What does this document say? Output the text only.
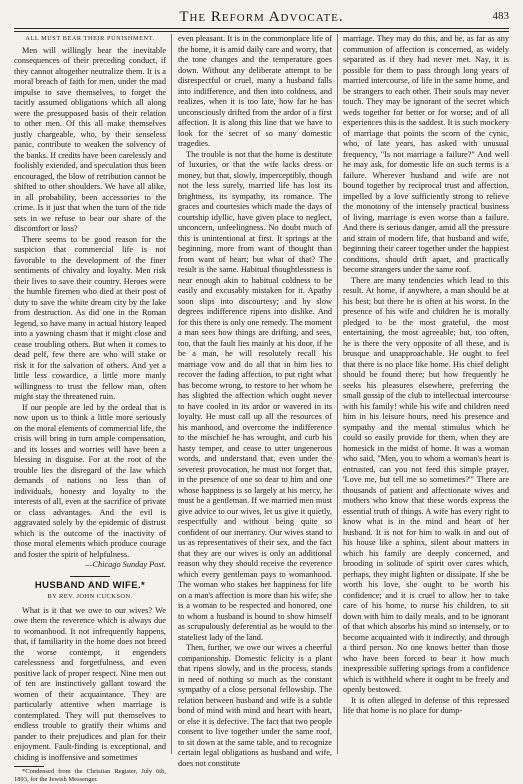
The Reform Advocate.	483
ALL MUST BEAR THEIR PUNISHMENT.

Men will willingly bear the inevitable consequences of their preceding conduct, if they cannot altogether neutralize them. It is a moral breach of faith for men, under the mad impulse to save themselves, to forget the tacitly assumed obligations which all along were the presupposed basis of their relation to other men. Of this all make themselves justly chargeable, who, by their senseless panic, contribute to weaken the solvency of the banks. If credits have been carelessly and foolishly extended, and speculation thus been encouraged, the blow of retribution cannot be shifted to other shoulders. We have all alike, in all probability, been accessories to the crime. Is it just that when the turn of the tide sets in we refuse to bear our share of the discomfort or loss?

There seems to be good reason for the suspicion that commercial life is not favorable to the development of the finer sentiments of chivalry and loyalty. Men risk their lives to save their country. Heroes were the humble firemen who died at their post of duty to save the white dream city by the lake from destruction. As did one in the Roman legend, so have many in actual history leaped into a yawning chasm that it might close and cease troubling others. But when it comes to dead pelf, few there are who will stake or risk it for the salvation of others. And yet a little less cowardice, a little more manly willingness to trust the fellow man, often might stay the threatened ruin.

If our people are led by the ordeal that is now upon us to think a little more seriously on the moral elements of commercial life, the crisis will bring in turn ample compensation, and its losses and worries will have been a blessing in disguise. For at the root of the trouble lies the disregard of the law which demands of nations no less than of individuals, honesty and loyalty to the interests of all, even at the sacrifice of private or class advantages. And the evil is aggravated solely by the epidemic of distrust which is the outcome of the inactivity of those moral elements which produce courage and foster the spirit of helpfulness.

—Chicago Sunday Post.

HUSBAND AND WIFE.*
BY REV. JOHN CUCKSON.

What is it that we owe to our wives? We owe them the reverence which is always due to womanhood. It not infrequently happens, that, if familiarity in the home does not breed the worse contempt, it engenders carelessness and forgetfulness, and even positive lack of proper respect. Nine men out of ten are instinctively gallant toward the women of their acquaintance. They are particularly attentive when marriage is contemplated. They will put themselves to endless trouble to gratify their whims and pander to their prejudices and plan for their enjoyment. Fault-finding is exceptional, and chiding is inoffensive and sometimes

*Condensed from the Christian Register, July 6th, 1893, for the Jewish Messenger.

even pleasant. It is in the commonplace life of the home, it is amid daily care and worry, that the tone changes and the temperature goes down. Without any deliberate attempt to be disrespectful or cruel, many a husband falls into indifference, and then into coldness, and realizes, when it is too late, how far he has unconsciously drifted from the ardor of a first affection. It is along this line that we have to look for the secret of so many domestic tragedies.

The trouble is not that the home is destitute of luxuries, or that the wife lacks dress or money, but that, slowly, imperceptibly, though not the less surely, married life has lost its brightness, its sympathy, its romance. The graces and courtesies which made the days of courtship idyllic, have given place to neglect, unconcern, unfeelingness. No doubt much of this is unintentional at first. It springs at the beginning, more from want of thought than from want of heart; but what of that? The result is the same. Habitual thoughtlessness is near enough akin to habitual coldness to be easily and excusably mistaken for it. Apathy soon slips into discourtesy; and by slow degrees indifference ripens into dislike. And for this there is only one remedy. The moment a man sees how things are drifting, and sees, too, that the fault lies mainly at his door, if he be a man, he will resolutely recall his marriage vow and do all that in him lies to recover the fading affection, to put right what has become wrong, to restore to her whom he has slighted the affection which ought never to have cooled in its ardor or wavered in its loyalty. He must call up all the resources of his manhood, and overcome the indifference to the mischief he has wrought, and curb his hasty temper, and cease to utter ungenerous words, and understand that, even under the severest provocation, he must not forget that, in the presence of one so dear to him and one whose happiness is so largely at his mercy, he must be a gentleman. If we married men must give advice to our wives, let us give it quietly, respectfully and without being quite so confident of our inerrancy. Our wives stand to us as representatives of their sex, and the fact that they are our wives is only an additional reason why they should receive the reverence which every gentleman pays to womanhood. The woman who stakes her happiness for life on a man's affection is more than his wife; she is a woman to be respected and honored, one to whom a husband is bound to show himself as scrupulously deferential as he would to the stateliest lady of the land.

Then, further, we owe our wives a cheerful companionship. Domestic felicity is a plant that ripens slowly, and in the process, stands in need of nothing so much as the constant sympathy of a close personal fellowship. The relation between husband and wife is a subtle bond of mind with mind and heart with heart, or else it is defective. The fact that two people consent to live together under the same roof, to sit down at the same table, and to recognize certain legal obligations as husband and wife, does not constitute

marriage. They may do this, and be, as far as any communion of affection is concerned, as widely separated as if they had never met. Nay, it is possible for them to pass through long years of married intercourse, of life in the same home, and be strangers to each other. Their souls may never touch. They may be ignorant of the secret which weds together for better or for worse; and of all experiences this is the saddest. It is such mockery of marriage that points the scorn of the cynic, who, of late years, has asked with unusual frequency, "Is not marriage a failure?" And well he may ask, for domestic life on such terms is a failure. Wherever husband and wife are not bound together by reciprocal trust and affection, impelled by a love sufficiently strong to relieve the monotony of the intensely practical business of living, marriage is even worse than a failure. And there is serious danger, amid all the pressure and strain of modern life, that husband and wife, beginning their career together under the happiest conditions, should drift apart, and practically become strangers under the same roof.

There are many tendencies which lead to this result. At home, if anywhere, a man should be at his best; but there he is often at his worst. In the presence of his wife and children he is morally pledged to be the most grateful, the most entertaining, the most agreeable; but, too often, he is there the very opposite of all these, and is brusque and unapproachable. He ought to feel that there is no place like home. His chief delight should be found there; but how frequently he seeks his pleasures elsewhere, preferring the small gossip of the club to intellectual intercourse with his family! while his wife and children need him in his leisure hours, need his presence and sympathy and the mental stimulus which he could so easily provide for them, when they are homesick in the midst of home. It was a woman who said, "Men, you to whom a woman's heart is entrusted, can you not feed this simple prayer, 'Love me, but tell me so sometimes?'" There are thousands of patient and affectionate wives and mothers who know that these words express the essential truth of things. A wife has every right to know what is in the mind and heart of her husband. It is not for him to walk in and out of his house like a sphinx, silent about matters in which his family are deeply concerned, and brooding in solitude of spirit over cares which, perhaps, they might lighten or dissipate. If she be worth his love, she ought to be worth his confidence; and it is cruel to allow her to take care of his home, to nurse his children, to sit down with him to daily meals, and to be ignorant of that which absorbs his mind so intensely, or to become acquainted with it indirectly, and through a third person. No one knows better than those who have been forced to bear it how much inexpressible suffering springs from a confidence which is withheld where it ought to be freely and openly bestowed.

It is often alleged in defense of this repressed life that home is no place for dump-
